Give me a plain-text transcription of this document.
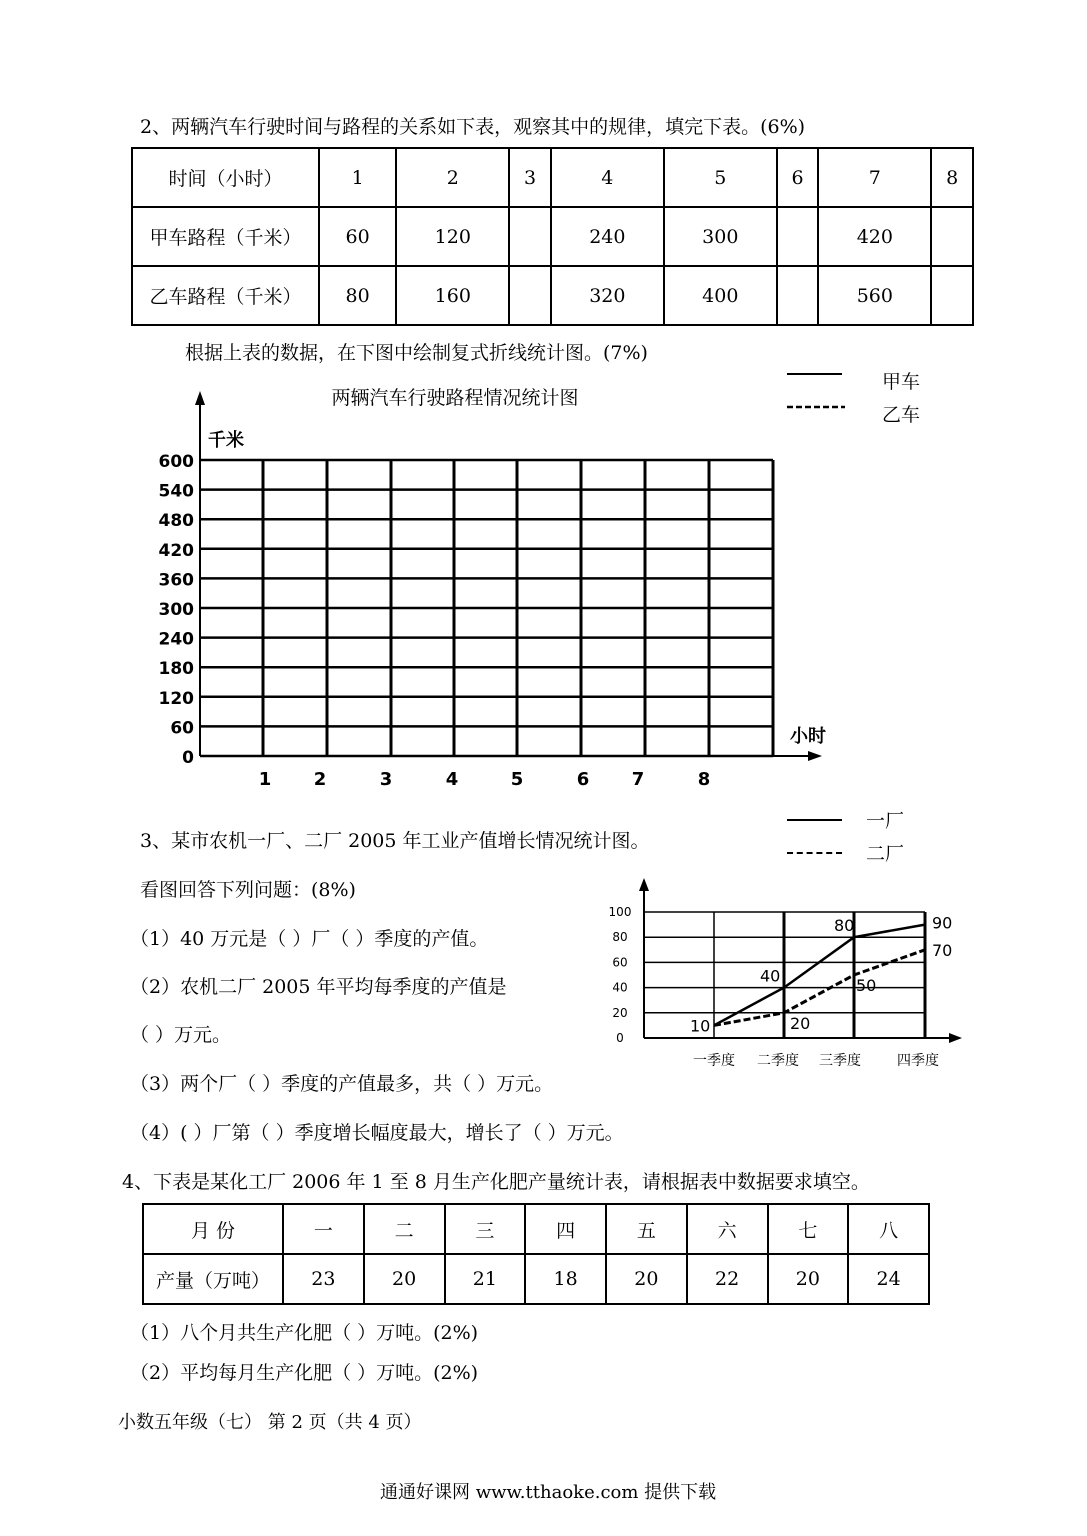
2、两辆汽车行驶时间与路程的关系如下表，观察其中的规律，填完下表。(6%)
时间（小时）	1	2	3	4	5	6	7	8
甲车路程（千米）	60	120		240	300		420	
乙车路程（千米）	80	160		320	400		560	
根据上表的数据，在下图中绘制复式折线统计图。(7%)
两辆汽车行驶路程情况统计图
千米
小时
600
540
480
420
360
300
240
180
120
60
0
1 2	3	4	5	6 7	8
甲车
乙车
3、某市农机一厂、二厂 2005 年工业产值增长情况统计图。
一厂
二厂
看图回答下列问题：(8%)
（1）40 万元是（ ）厂（ ）季度的产值。
（2）农机二厂 2005 年平均每季度的产值是
（ ）万元。
（3）两个厂（ ）季度的产值最多，共（ ）万元。
（4）( ）厂第（ ）季度增长幅度最大，增长了（ ）万元。
100
80
60
40
20
0
一季度 二季度 三季度	四季度
10
40
80	90
20
50
70
4、下表是某化工厂 2006 年 1 至 8 月生产化肥产量统计表，请根据表中数据要求填空。
月 份	一	二	三	四	五	六	七	八
产量（万吨）	23	20	21	18	20	22	20	24
（1）八个月共生产化肥（ ）万吨。(2%)
（2）平均每月生产化肥（ ）万吨。(2%)
小数五年级（七） 第 2 页（共 4 页）
通通好课网 www.tthaoke.com 提供下载
